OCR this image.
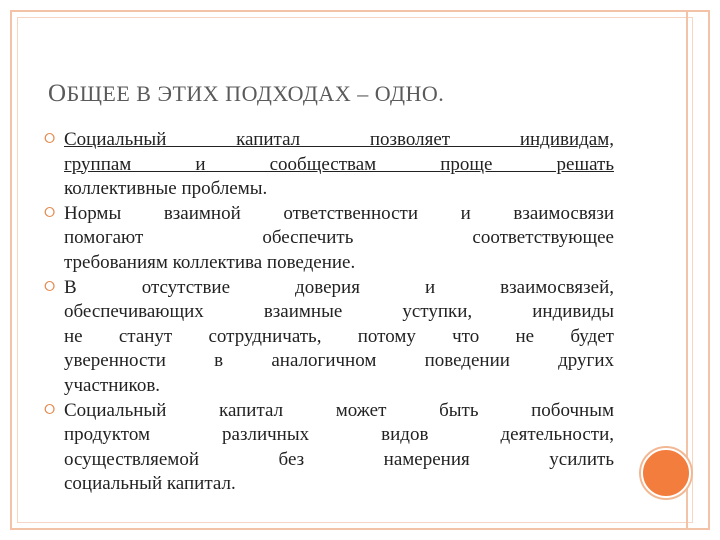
ОБЩЕЕ В ЭТИХ ПОДХОДАХ – ОДНО.
⭘ Социальный капитал позволяет индивидам,
группам и сообществам проще решать
коллективные проблемы.
⭘ Нормы взаимной ответственности и взаимосвязи
помогают обеспечить соответствующее
требованиям коллектива поведение.
⭘ В отсутствие доверия и взаимосвязей,
обеспечивающих взаимные уступки, индивиды
не станут сотрудничать, потому что не будет
уверенности в аналогичном поведении других
участников.
⭘ Социальный капитал может быть побочным
продуктом различных видов деятельности,
осуществляемой без намерения усилить
социальный капитал.
